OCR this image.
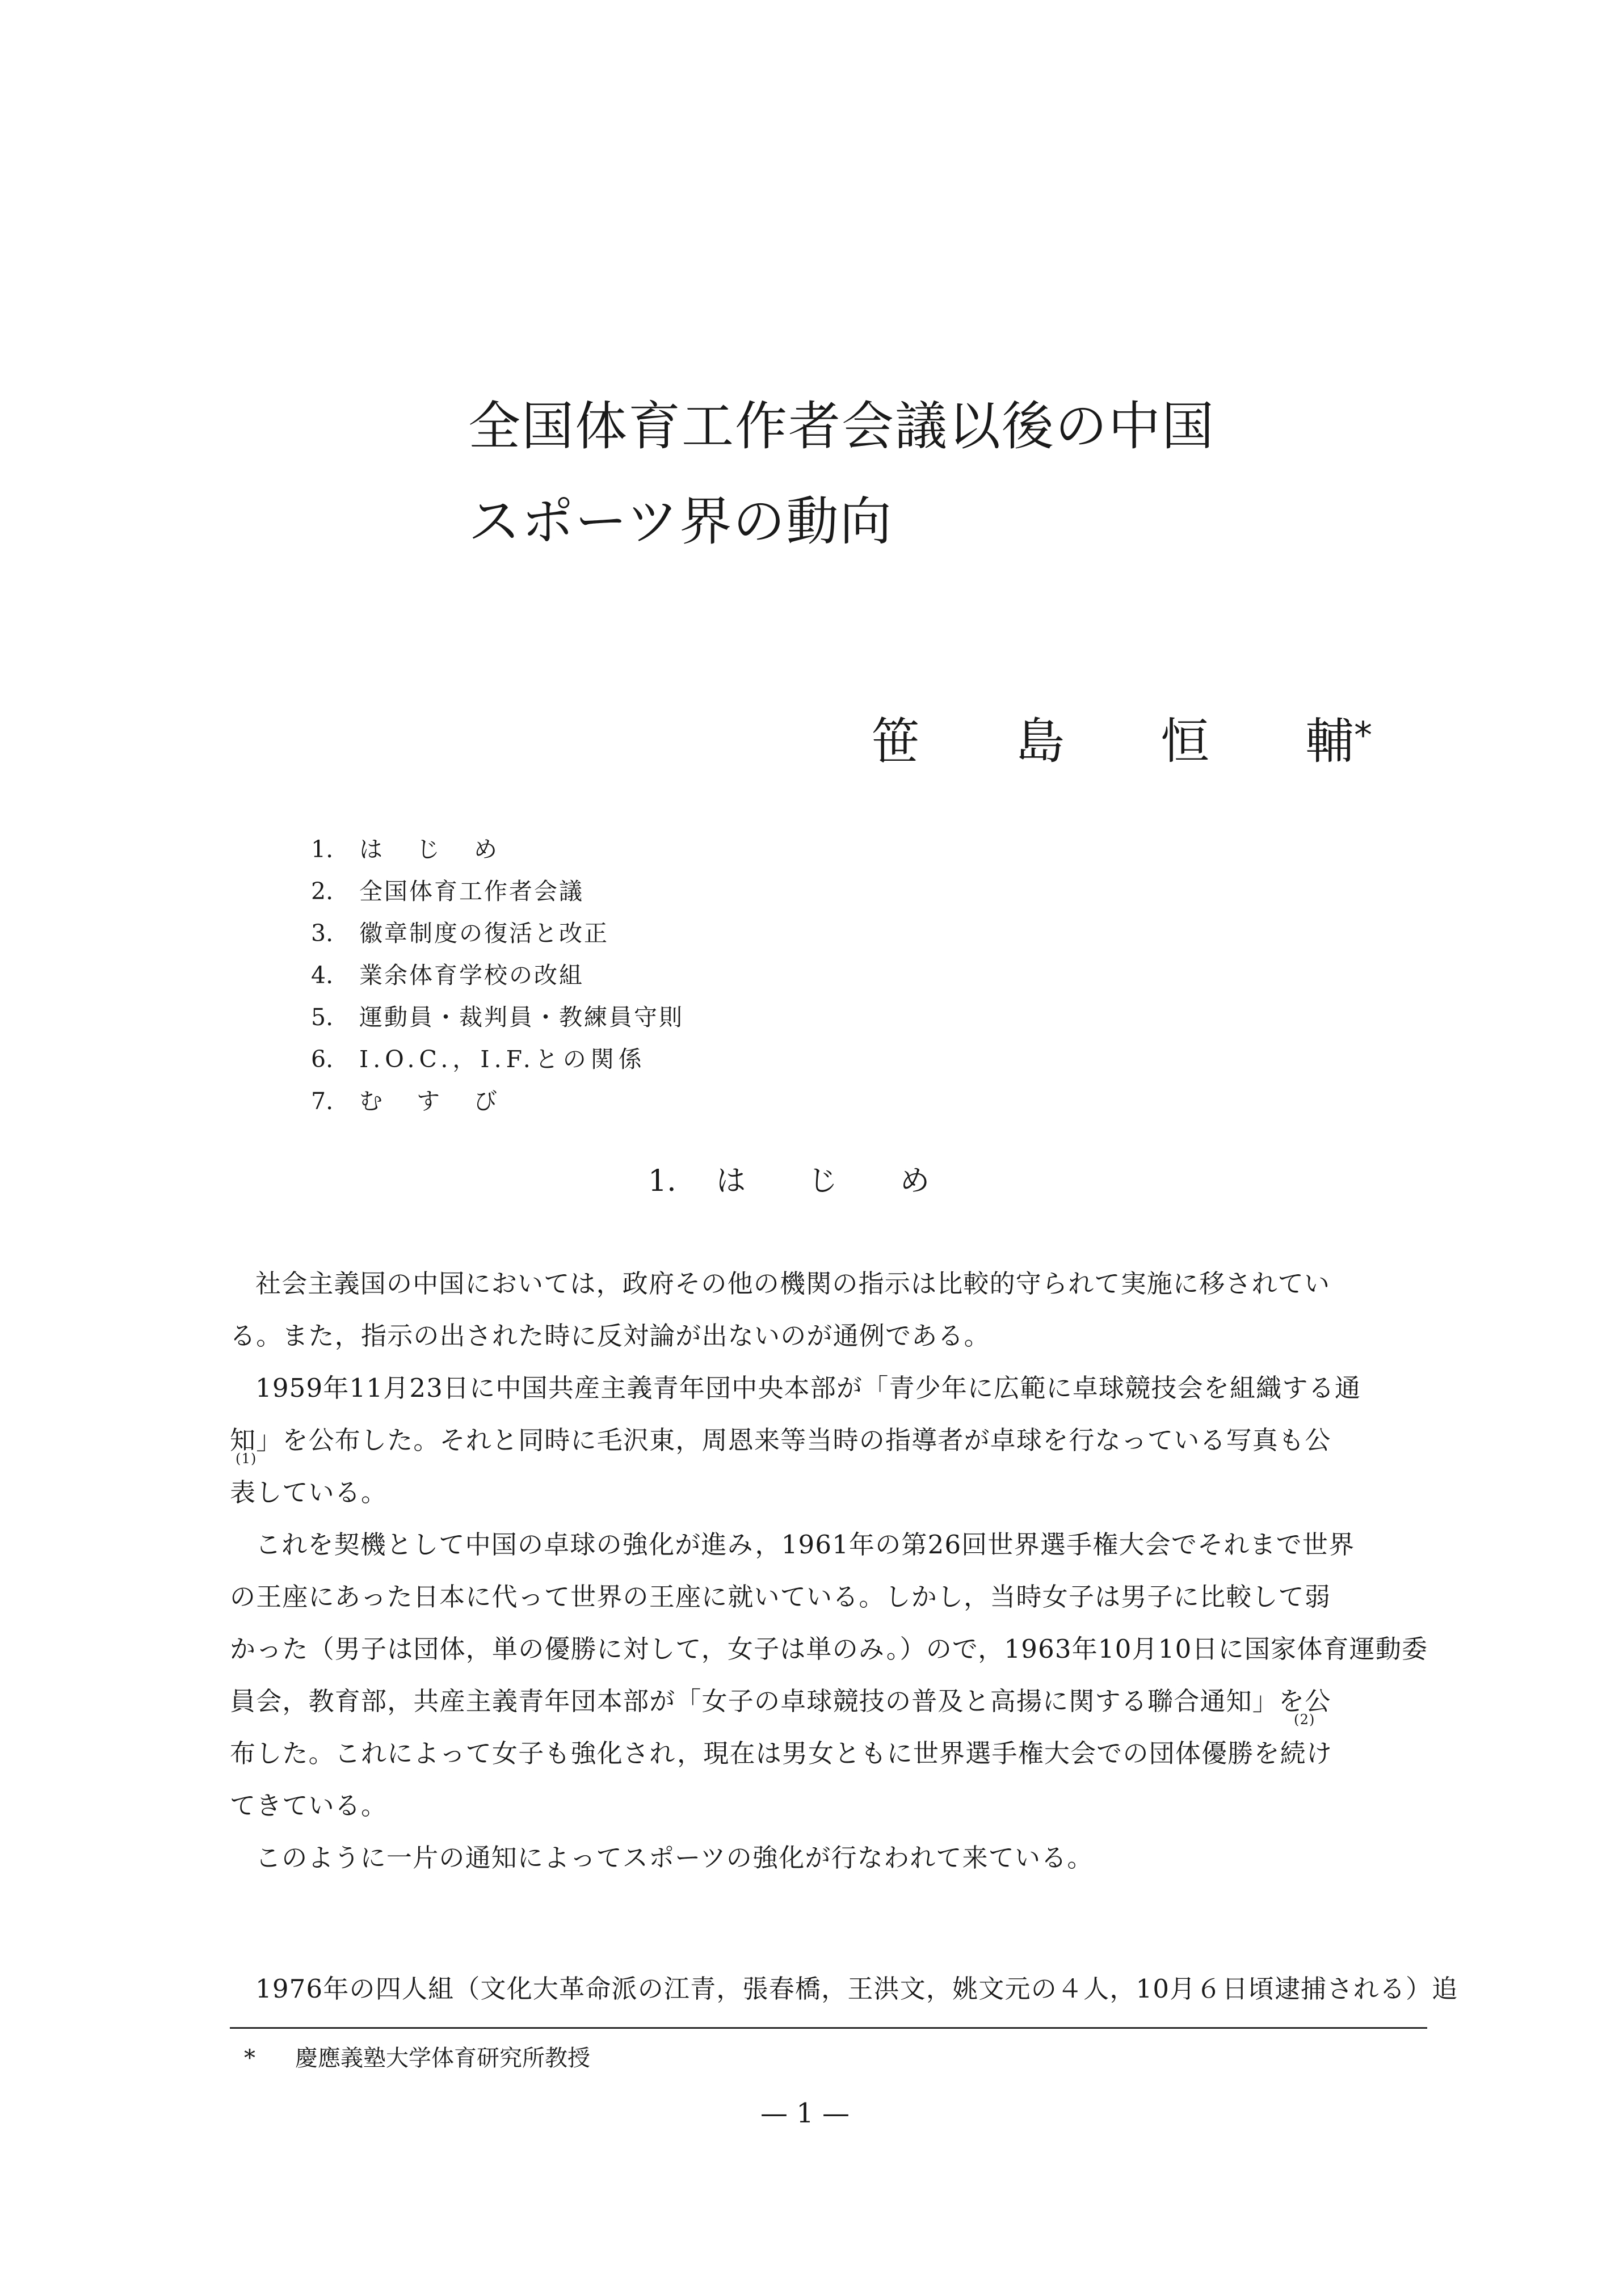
全国体育工作者会議以後の中国
スポーツ界の動向
笹 島 恒 輔*
1.	はじめ
2.	全国体育工作者会議
3.	徽章制度の復活と改正
4.	業余体育学校の改組
5.	運動員・裁判員・教練員守則
6.	I.O.C.，I.F.との関係
7.	むすび
1. はじめ
社会主義国の中国においては，政府その他の機関の指示は比較的守られて実施に移されてい
る。また，指示の出された時に反対論が出ないのが通例である。
1959年11月23日に中国共産主義青年団中央本部が「青少年に広範に卓球競技会を組織する通
知」を公布した。それと同時に毛沢東，周恩来等当時の指導者が卓球を行なっている写真も公
(1)
表している。
これを契機として中国の卓球の強化が進み，1961年の第26回世界選手権大会でそれまで世界
の王座にあった日本に代って世界の王座に就いている。しかし，当時女子は男子に比較して弱
かった（男子は団体，単の優勝に対して，女子は単のみ。）ので，1963年10月10日に国家体育運動委
員会，教育部，共産主義青年団本部が「女子の卓球競技の普及と高揚に関する聯合通知」を公
(2)
布した。これによって女子も強化され，現在は男女ともに世界選手権大会での団体優勝を続け
てきている。
このように一片の通知によってスポーツの強化が行なわれて来ている。
1976年の四人組（文化大革命派の江青，張春橋，王洪文，姚文元の４人，10月６日頃逮捕される）追
* 慶應義塾大学体育研究所教授
— 1 —
